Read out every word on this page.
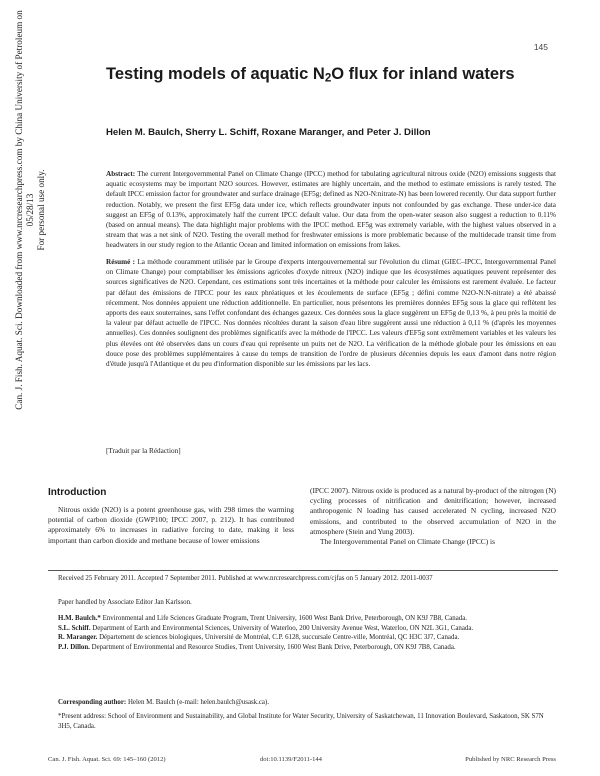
Can. J. Fish. Aquat. Sci. Downloaded from www.nrcresearchpress.com by China University of Petroleum on 05/28/13 For personal use only.
145
Testing models of aquatic $N_2O$ flux for inland waters
Helen M. Baulch, Sherry L. Schiff, Roxane Maranger, and Peter J. Dillon
Abstract: The current Intergovernmental Panel on Climate Change (IPCC) method for tabulating agricultural nitrous oxide (N2O) emissions suggests that aquatic ecosystems may be important N2O sources. However, estimates are highly uncertain, and the method to estimate emissions is rarely tested. The default IPCC emission factor for groundwater and surface drainage (EF5g; defined as N2O-N:nitrate-N) has been lowered recently. Our data support further reduction. Notably, we present the first EF5g data under ice, which reflects groundwater inputs not confounded by gas exchange. These under-ice data suggest an EF5g of 0.13%, approximately half the current IPCC default value. Our data from the open-water season also suggest a reduction to 0.11% (based on annual means). The data highlight major problems with the IPCC method. EF5g was extremely variable, with the highest values observed in a stream that was a net sink of N2O. Testing the overall method for freshwater emissions is more problematic because of the multidecade transit time from headwaters in our study region to the Atlantic Ocean and limited information on emissions from lakes.
Résumé : La méthode couramment utilisée par le Groupe d'experts intergouvernemental sur l'évolution du climat (GIEC–IPCC, Intergovernmental Panel on Climate Change) pour comptabiliser les émissions agricoles d'oxyde nitreux (N2O) indique que les écosystèmes aquatiques peuvent représenter des sources significatives de N2O. Cependant, ces estimations sont très incertaines et la méthode pour calculer les émissions est rarement évaluée. Le facteur par défaut des émissions de l'IPCC pour les eaux phréatiques et les écoulements de surface (EF5g ; défini comme N2O-N:N-nitrate) a été abaissé récemment. Nos données appuient une réduction additionnelle. En particulier, nous présentons les premières données EF5g sous la glace qui reflètent les apports des eaux souterraines, sans l'effet confondant des échanges gazeux. Ces données sous la glace suggèrent un EF5g de 0,13 %, à peu près la moitié de la valeur par défaut actuelle de l'IPCC. Nos données récoltées durant la saison d'eau libre suggèrent aussi une réduction à 0,11 % (d'après les moyennes annuelles). Ces données soulignent des problèmes significatifs avec la méthode de l'IPCC. Les valeurs d'EF5g sont extrêmement variables et les valeurs les plus élevées ont été observées dans un cours d'eau qui représente un puits net de N2O. La vérification de la méthode globale pour les émissions en eau douce pose des problèmes supplémentaires à cause du temps de transition de l'ordre de plusieurs décennies depuis les eaux d'amont dans notre région d'étude jusqu'à l'Atlantique et du peu d'information disponible sur les émissions par les lacs.
[Traduit par la Rédaction]
Introduction
Nitrous oxide (N2O) is a potent greenhouse gas, with 298 times the warming potential of carbon dioxide (GWP100; IPCC 2007, p. 212). It has contributed approximately 6% to increases in radiative forcing to date, making it less important than carbon dioxide and methane because of lower emissions
(IPCC 2007). Nitrous oxide is produced as a natural by-product of the nitrogen (N) cycling processes of nitrification and denitrification; however, increased anthropogenic N loading has caused accelerated N cycling, increased N2O emissions, and contributed to the observed accumulation of N2O in the atmosphere (Stein and Yung 2003).
The Intergovernmental Panel on Climate Change (IPCC) is
Received 25 February 2011. Accepted 7 September 2011. Published at www.nrcresearchpress.com/cjfas on 5 January 2012. J2011-0037
Paper handled by Associate Editor Jan Karlsson.
H.M. Baulch.* Environmental and Life Sciences Graduate Program, Trent University, 1600 West Bank Drive, Peterborough, ON K9J 7B8, Canada.
S.L. Schiff. Department of Earth and Environmental Sciences, University of Waterloo, 200 University Avenue West, Waterloo, ON N2L 3G1, Canada.
R. Maranger. Département de sciences biologiques, Université de Montréal, C.P. 6128, succursale Centre-ville, Montréal, QC H3C 3J7, Canada.
P.J. Dillon. Department of Environmental and Resource Studies, Trent University, 1600 West Bank Drive, Peterborough, ON K9J 7B8, Canada.
Corresponding author: Helen M. Baulch (e-mail: helen.baulch@usask.ca).
*Present address: School of Environment and Sustainability, and Global Institute for Water Security, University of Saskatchewan, 11 Innovation Boulevard, Saskatoon, SK S7N 3H5, Canada.
Can. J. Fish. Aquat. Sci. 69: 145–160 (2012)	doi:10.1139/F2011-144	Published by NRC Research Press
